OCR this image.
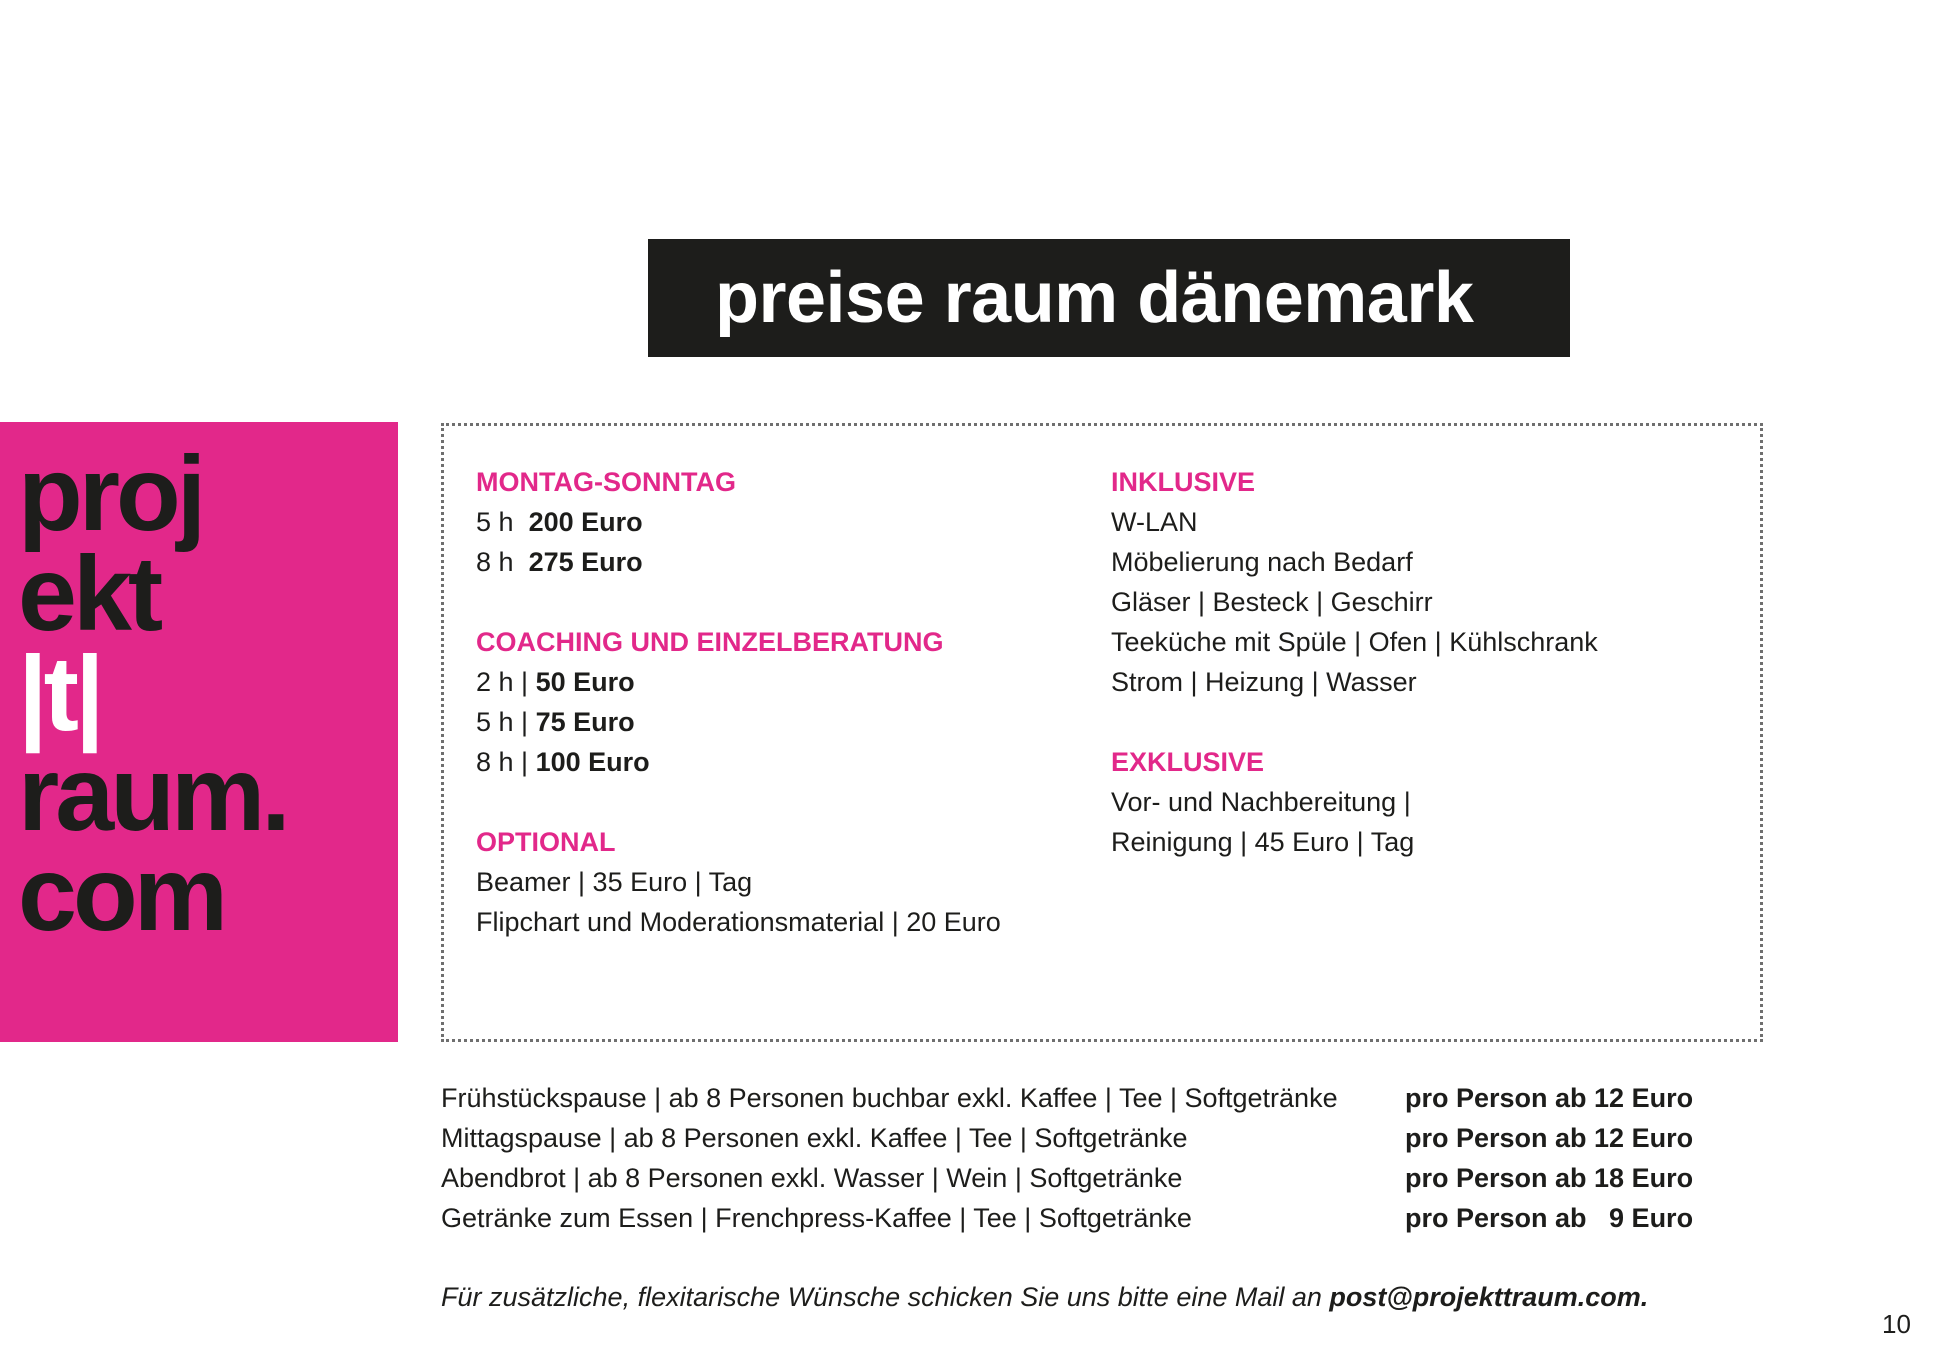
preise raum dänemark

proj
ekt
|t|
raum.
com

MONTAG-SONNTAG

5 h 200 Euro

8 h 275 Euro

COACHING UND EINZELBERATUNG

2 h | 50 Euro

5 h | 75 Euro

8 h | 100 Euro

OPTIONAL

Beamer | 35 Euro | Tag

Flipchart und Moderationsmaterial | 20 Euro

INKLUSIVE

W-LAN

Möbelierung nach Bedarf

Gläser | Besteck | Geschirr

Teeküche mit Spüle | Ofen | Kühlschrank

Strom | Heizung | Wasser

EXKLUSIVE

Vor- und Nachbereitung |

Reinigung | 45 Euro | Tag

Frühstückspause | ab 8 Personen buchbar exkl. Kaffee | Tee | Softgetränke pro Person ab 12 Euro
Mittagspause | ab 8 Personen exkl. Kaffee | Tee | Softgetränke	pro Person ab 12 Euro
Abendbrot | ab 8 Personen exkl. Wasser | Wein | Softgetränke	pro Person ab 18 Euro
Getränke zum Essen | Frenchpress-Kaffee | Tee | Softgetränke	pro Person ab   9 Euro
Für zusätzliche, flexitarische Wünsche schicken Sie uns bitte eine Mail an post@projekttraum.com.
10
